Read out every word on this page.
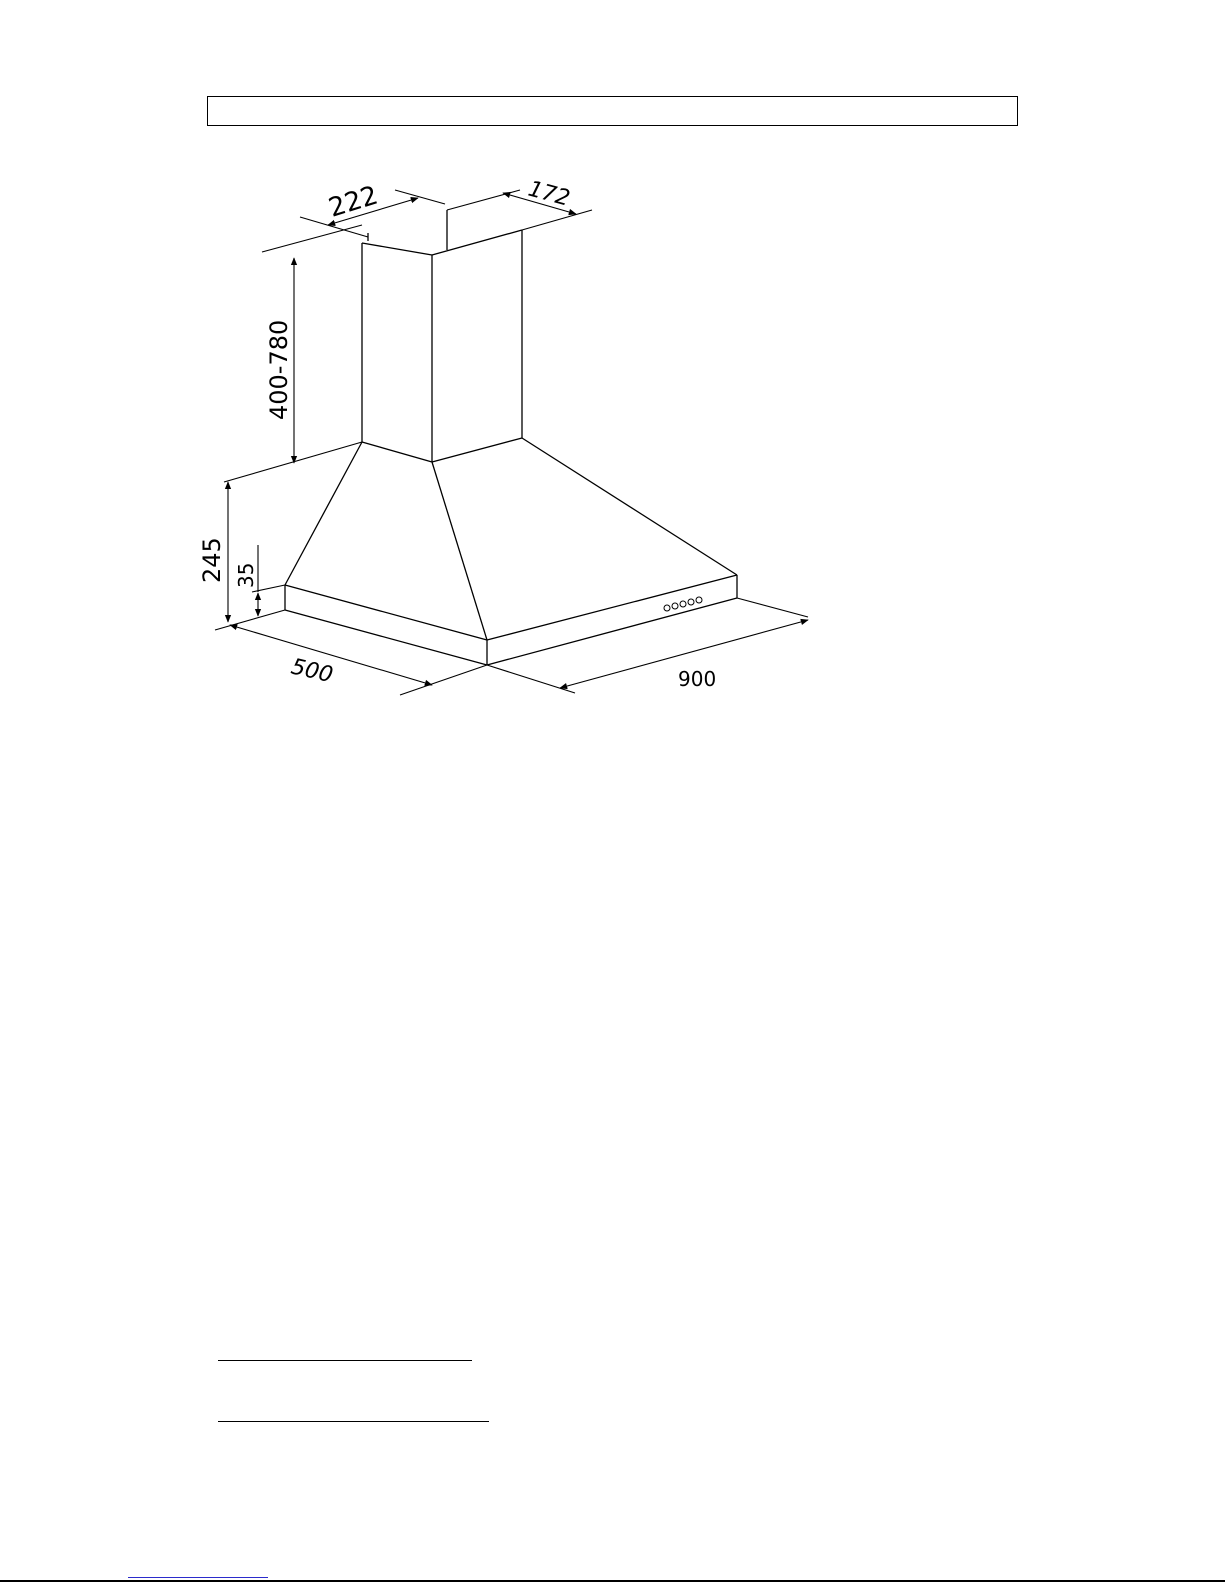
222	172
400-780
245 35
500	900
